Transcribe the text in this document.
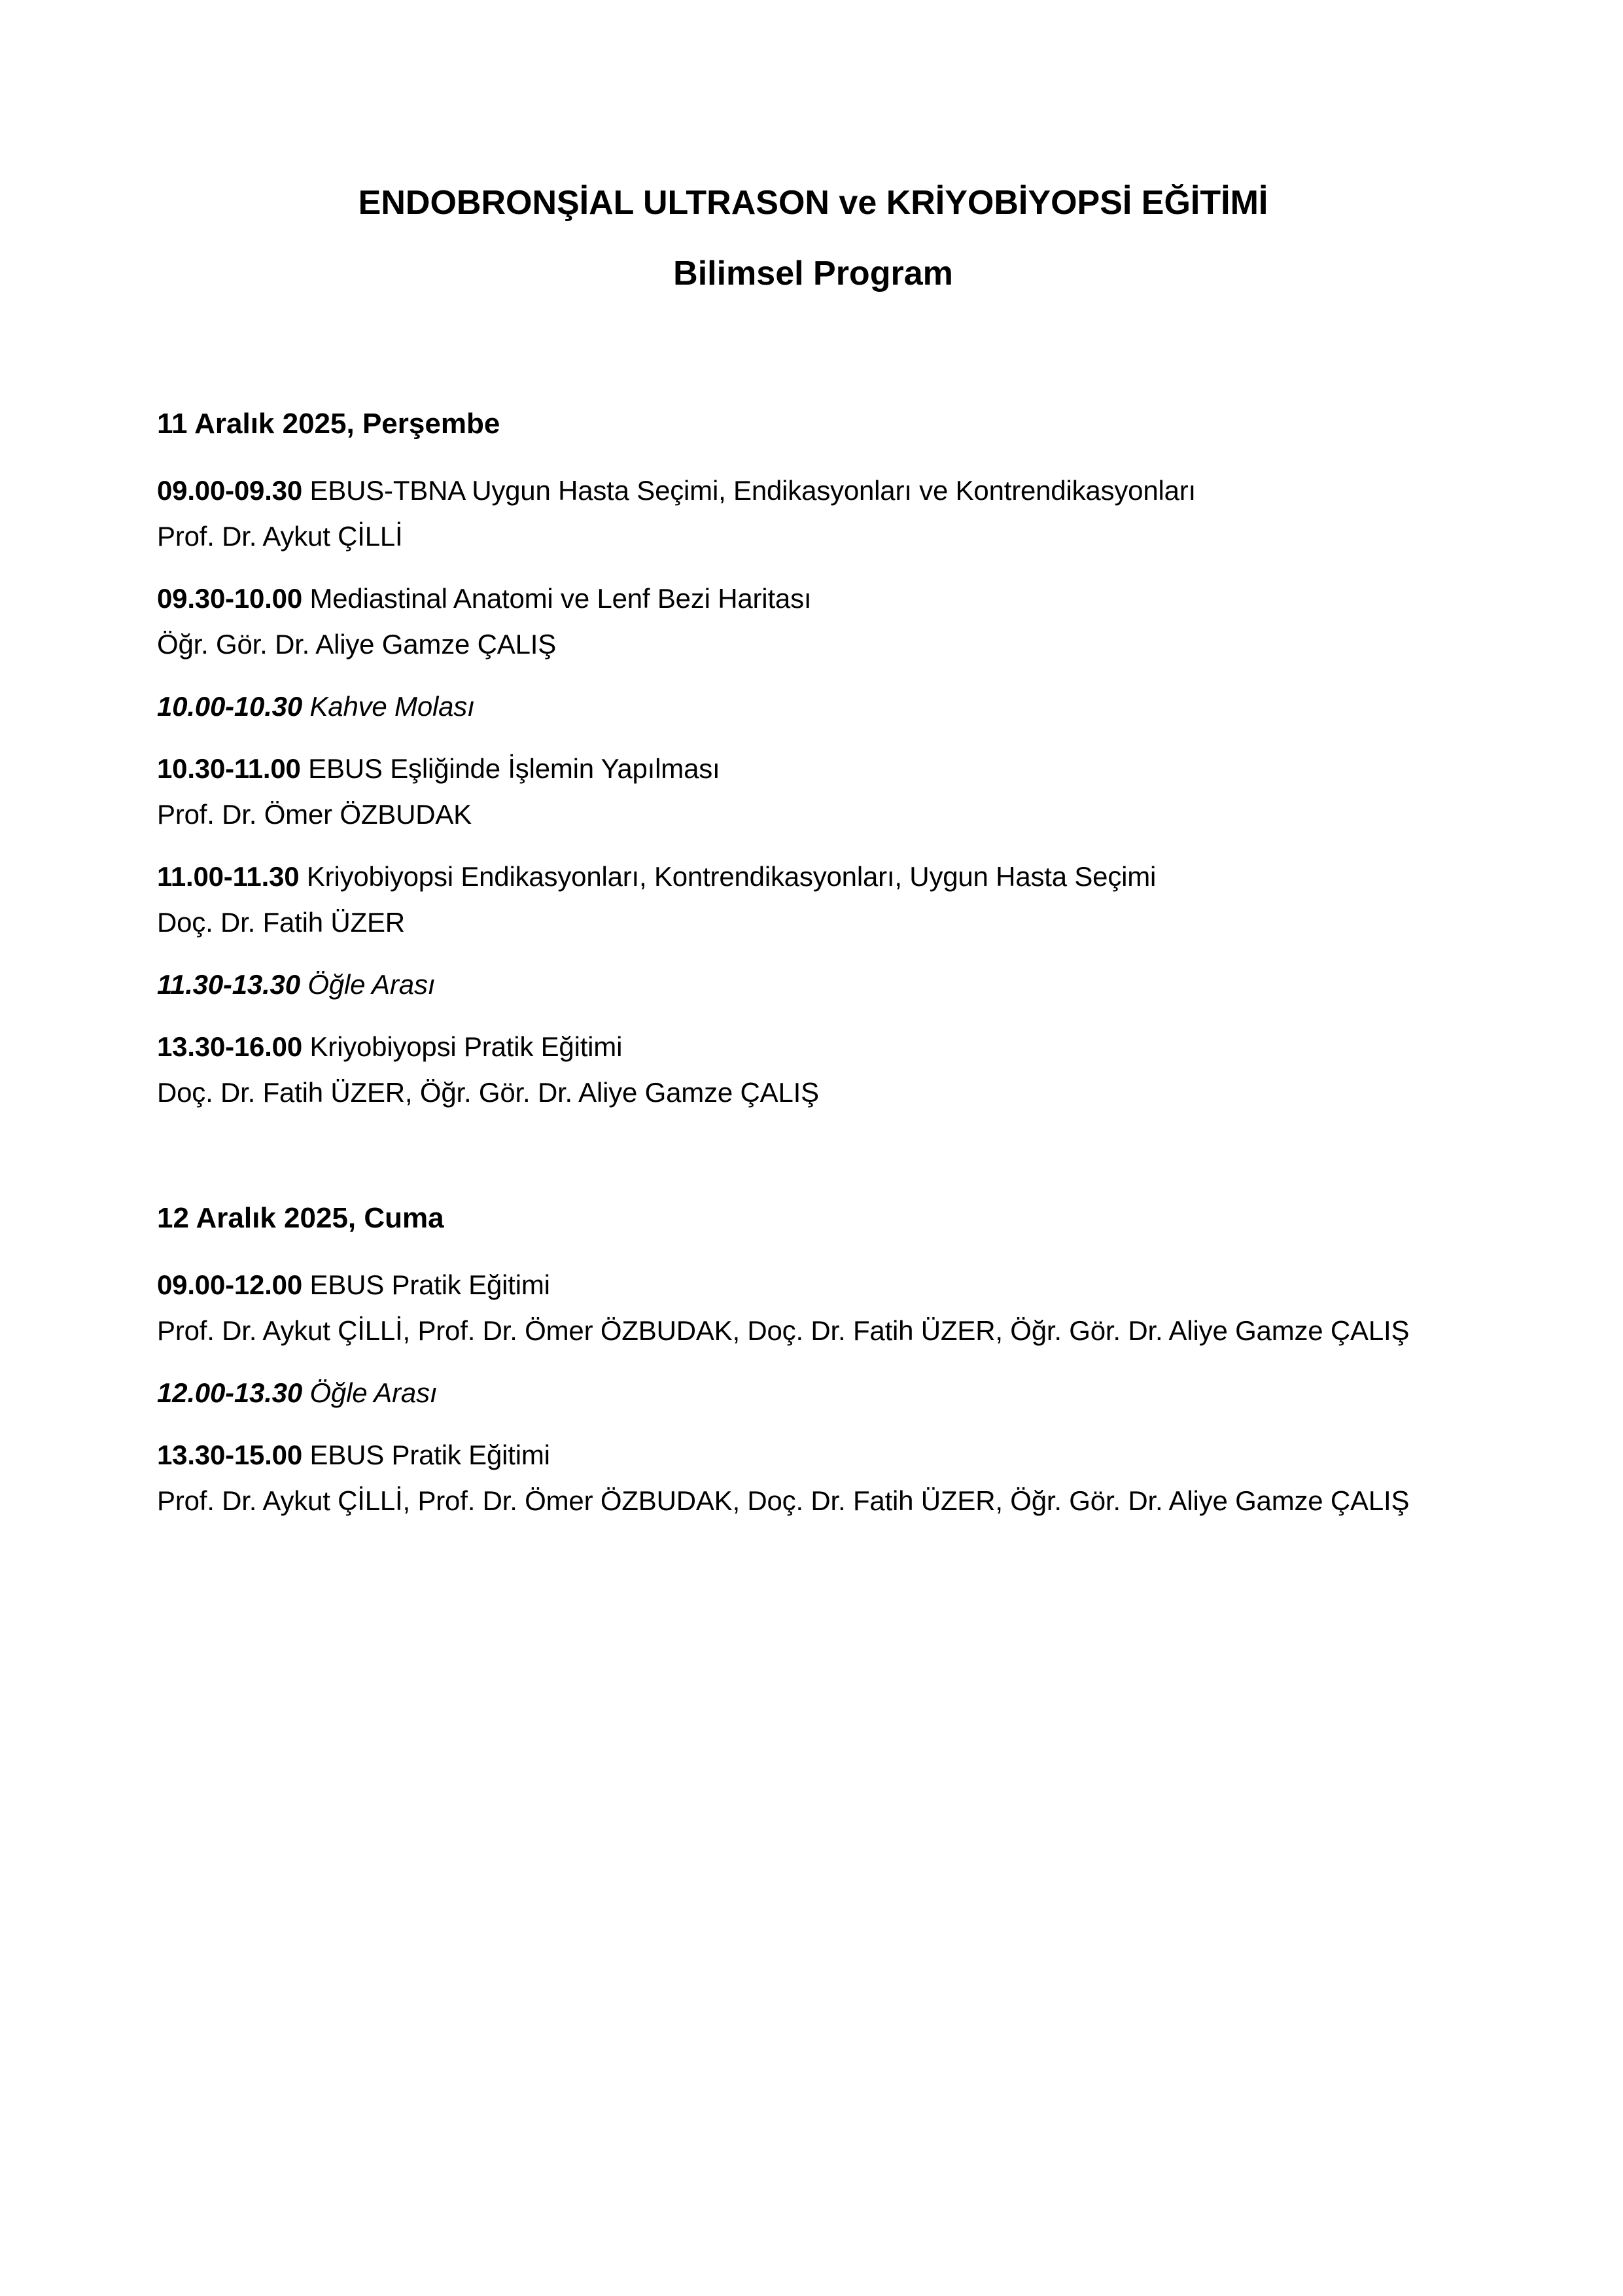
ENDOBRONŞİAL ULTRASON ve KRİYOBİYOPSİ EĞİTİMİ
Bilimsel Program
11 Aralık 2025, Perşembe

09.00-09.30 EBUS-TBNA Uygun Hasta Seçimi, Endikasyonları ve Kontrendikasyonları
Prof. Dr. Aykut ÇİLLİ

09.30-10.00 Mediastinal Anatomi ve Lenf Bezi Haritası
Öğr. Gör. Dr. Aliye Gamze ÇALIŞ

10.00-10.30 Kahve Molası

10.30-11.00 EBUS Eşliğinde İşlemin Yapılması
Prof. Dr. Ömer ÖZBUDAK

11.00-11.30 Kriyobiyopsi Endikasyonları, Kontrendikasyonları, Uygun Hasta Seçimi
Doç. Dr. Fatih ÜZER

11.30-13.30 Öğle Arası

13.30-16.00 Kriyobiyopsi Pratik Eğitimi
Doç. Dr. Fatih ÜZER, Öğr. Gör. Dr. Aliye Gamze ÇALIŞ

12 Aralık 2025, Cuma

09.00-12.00 EBUS Pratik Eğitimi
Prof. Dr. Aykut ÇİLLİ, Prof. Dr. Ömer ÖZBUDAK, Doç. Dr. Fatih ÜZER, Öğr. Gör. Dr. Aliye Gamze ÇALIŞ

12.00-13.30 Öğle Arası

13.30-15.00 EBUS Pratik Eğitimi
Prof. Dr. Aykut ÇİLLİ, Prof. Dr. Ömer ÖZBUDAK, Doç. Dr. Fatih ÜZER, Öğr. Gör. Dr. Aliye Gamze ÇALIŞ
